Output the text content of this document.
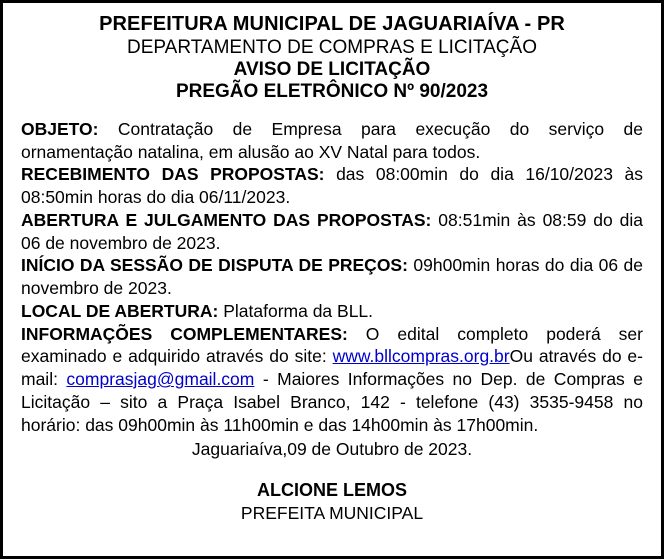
PREFEITURA MUNICIPAL DE JAGUARIAÍVA - PR
DEPARTAMENTO DE COMPRAS E LICITAÇÃO
AVISO DE LICITAÇÃO
PREGÃO ELETRÔNICO Nº 90/2023

OBJETO: Contratação de Empresa para execução do serviço de ornamentação natalina, em alusão ao XV Natal para todos.

RECEBIMENTO DAS PROPOSTAS: das 08:00min do dia 16/10/2023 às 08:50min horas do dia 06/11/2023.

ABERTURA E JULGAMENTO DAS PROPOSTAS: 08:51min às 08:59 do dia 06 de novembro de 2023.

INÍCIO DA SESSÃO DE DISPUTA DE PREÇOS: 09h00min horas do dia 06 de novembro de 2023.

LOCAL DE ABERTURA: Plataforma da BLL.

INFORMAÇÕES COMPLEMENTARES: O edital completo poderá ser examinado e adquirido através do site: www.bllcompras.org.brOu através do e-mail: comprasjag@gmail.com - Maiores Informações no Dep. de Compras e Licitação – sito a Praça Isabel Branco, 142 - telefone (43) 3535-9458 no horário: das 09h00min às 11h00min e das 14h00min às 17h00min.

Jaguariaíva,09 de Outubro de 2023.

ALCIONE LEMOS
PREFEITA MUNICIPAL
